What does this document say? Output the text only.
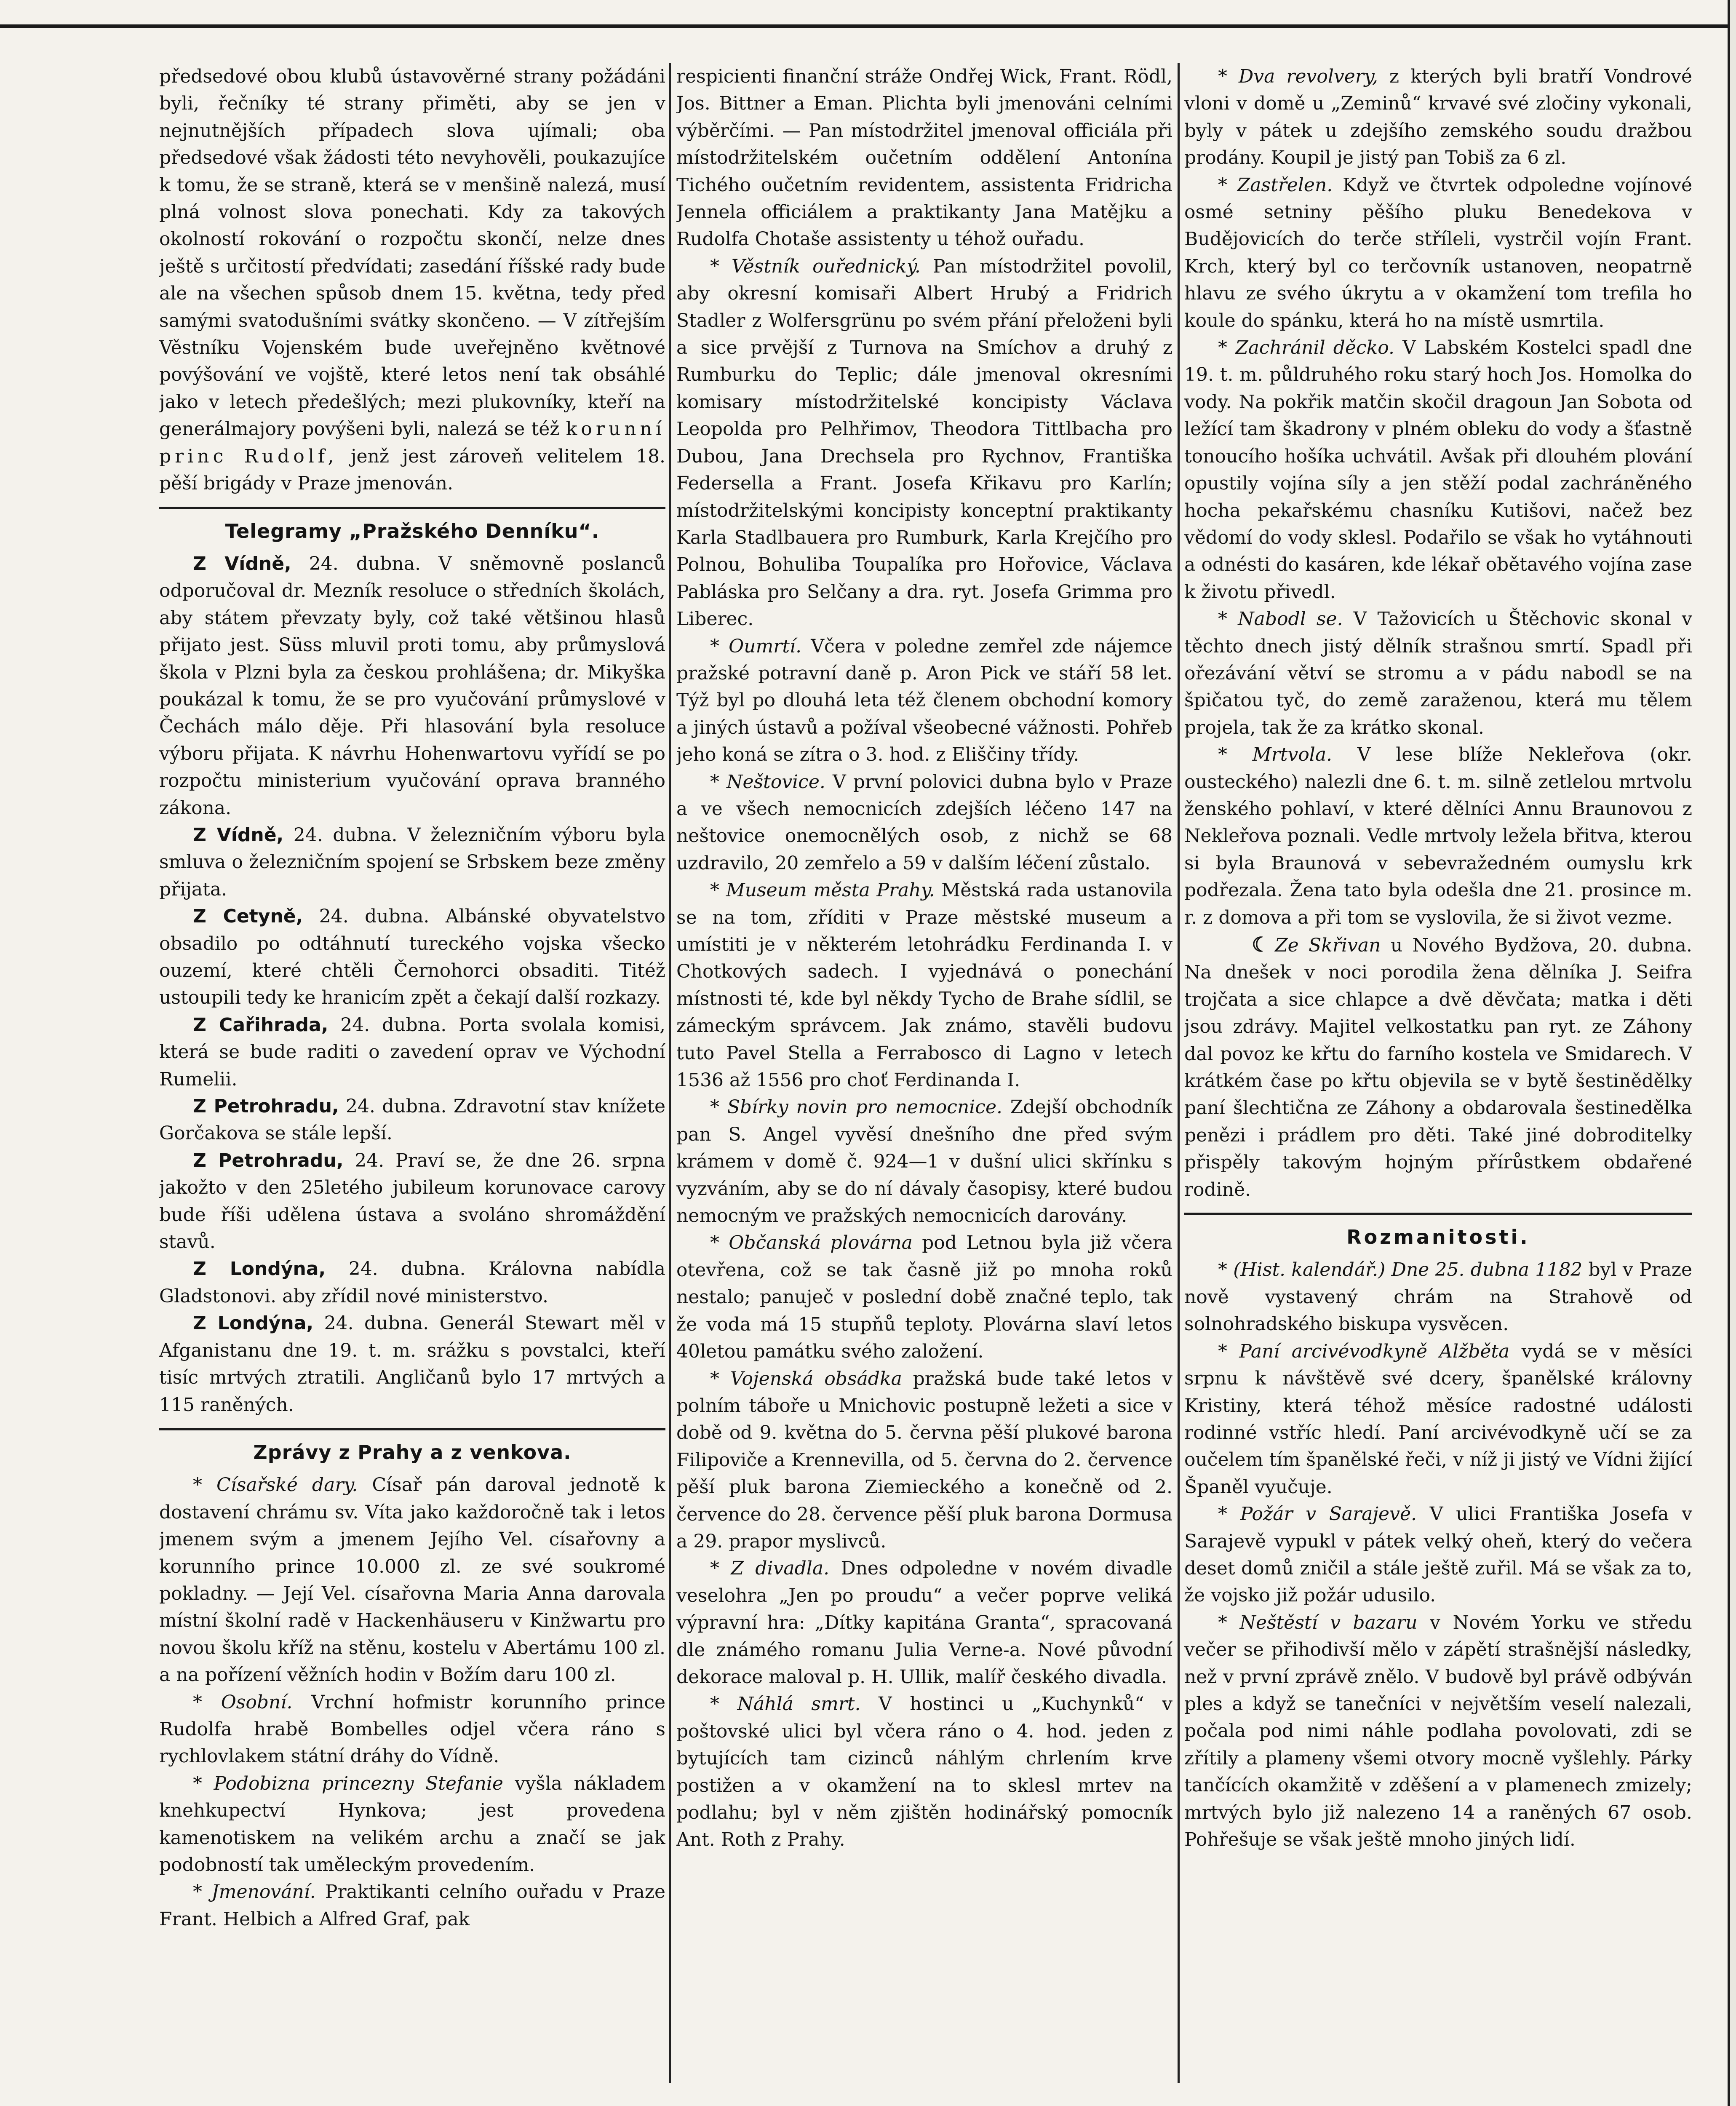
předsedové obou klubů ústavověrné strany požádáni byli, řečníky té strany přiměti, aby se jen v nejnutnějších případech slova ujímali; oba předsedové však žádosti této nevyhověli, poukazujíce k tomu, že se straně, která se v menšině nalezá, musí plná volnost slova ponechati. Kdy za takových okolností rokování o rozpočtu skončí, nelze dnes ještě s určitostí předvídati; zasedání říšské rady bude ale na všechen spůsob dnem 15. května, tedy před samými svatodušními svátky skončeno. — V zítřejším Věstníku Vojenském bude uveřejněno květnové povýšování ve vojště, které letos není tak obsáhlé jako v letech předešlých; mezi plukovníky, kteří na generálmajory povýšeni byli, nalezá se též korunní princ Rudolf, jenž jest zároveň velitelem 18. pěší brigády v Praze jmenován.

Telegramy „Pražského Denníku“.

Z Vídně, 24. dubna. V sněmovně poslanců odporučoval dr. Mezník resoluce o středních školách, aby státem převzaty byly, což také většinou hlasů přijato jest. Süss mluvil proti tomu, aby průmyslová škola v Plzni byla za českou prohlášena; dr. Mikyška poukázal k tomu, že se pro vyučování průmyslové v Čechách málo děje. Při hlasování byla resoluce výboru přijata. K návrhu Hohenwartovu vyřídí se po rozpočtu ministerium vyučování oprava branného zákona.

Z Vídně, 24. dubna. V železničním výboru byla smluva o železničním spojení se Srbskem beze změny přijata.

Z Cetyně, 24. dubna. Albánské obyvatelstvo obsadilo po odtáhnutí tureckého vojska všecko ouzemí, které chtěli Černohorci obsaditi. Titéž ustoupili tedy ke hranicím zpět a čekají další rozkazy.

Z Cařihrada, 24. dubna. Porta svolala komisi, která se bude raditi o zavedení oprav ve Východní Rumelii.

Z Petrohradu, 24. dubna. Zdravotní stav knížete Gorčakova se stále lepší.

Z Petrohradu, 24. Praví se, že dne 26. srpna jakožto v den 25letého jubileum korunovace carovy bude říši udělena ústava a svoláno shromáždění stavů.

Z Londýna, 24. dubna. Královna nabídla Gladstonovi. aby zřídil nové ministerstvo.

Z Londýna, 24. dubna. Generál Stewart měl v Afganistanu dne 19. t. m. srážku s povstalci, kteří tisíc mrtvých ztratili. Angličanů bylo 17 mrtvých a 115 raněných.

Zprávy z Prahy a z venkova.

* Císařské dary. Císař pán daroval jednotě k dostavení chrámu sv. Víta jako každoročně tak i letos jmenem svým a jmenem Jejího Vel. císařovny a korunního prince 10.000 zl. ze své soukromé pokladny. — Její Vel. císařovna Maria Anna darovala místní školní radě v Hackenhäuseru v Kinžwartu pro novou školu kříž na stěnu, kostelu v Abertámu 100 zl. a na pořízení věžních hodin v Božím daru 100 zl.

* Osobní. Vrchní hofmistr korunního prince Rudolfa hrabě Bombelles odjel včera ráno s rychlovlakem státní dráhy do Vídně.

* Podobizna princezny Stefanie vyšla nákladem knehkupectví Hynkova; jest provedena kamenotiskem na velikém archu a značí se jak podobností tak uměleckým provedením.

* Jmenování. Praktikanti celního ouřadu v Praze Frant. Helbich a Alfred Graf, pak

respicienti finanční stráže Ondřej Wick, Frant. Rödl, Jos. Bittner a Eman. Plichta byli jmenováni celními výběrčími. — Pan místodržitel jmenoval officiála při místodržitelském oučetním oddělení Antonína Tichého oučetním revidentem, assistenta Fridricha Jennela officiálem a praktikanty Jana Matějku a Rudolfa Chotaše assistenty u téhož ouřadu.

* Věstník ouřednický. Pan místodržitel povolil, aby okresní komisaři Albert Hrubý a Fridrich Stadler z Wolfersgrünu po svém přání přeloženi byli a sice prvější z Turnova na Smíchov a druhý z Rumburku do Teplic; dále jmenoval okresními komisary místodržitelské koncipisty Václava Leopolda pro Pelhřimov, Theodora Tittlbacha pro Dubou, Jana Drechsela pro Rychnov, Františka Federsella a Frant. Josefa Křikavu pro Karlín; místodržitelskými koncipisty konceptní praktikanty Karla Stadlbauera pro Rumburk, Karla Krejčího pro Polnou, Bohuliba Toupalíka pro Hořovice, Václava Pabláska pro Selčany a dra. ryt. Josefa Grimma pro Liberec.

* Oumrtí. Včera v poledne zemřel zde nájemce pražské potravní daně p. Aron Pick ve stáří 58 let. Týž byl po dlouhá leta též členem obchodní komory a jiných ústavů a požíval všeobecné vážnosti. Pohřeb jeho koná se zítra o 3. hod. z Eliščiny třídy.

* Neštovice. V první polovici dubna bylo v Praze a ve všech nemocnicích zdejších léčeno 147 na neštovice onemocnělých osob, z nichž se 68 uzdravilo, 20 zemřelo a 59 v dalším léčení zůstalo.

* Museum města Prahy. Městská rada ustanovila se na tom, zříditi v Praze městské museum a umístiti je v některém letohrádku Ferdinanda I. v Chotkových sadech. I vyjednává o ponechání místnosti té, kde byl někdy Tycho de Brahe sídlil, se zámeckým správcem. Jak známo, stavěli budovu tuto Pavel Stella a Ferrabosco di Lagno v letech 1536 až 1556 pro choť Ferdinanda I.

* Sbírky novin pro nemocnice. Zdejší obchodník pan S. Angel vyvěsí dnešního dne před svým krámem v domě č. 924—1 v dušní ulici skřínku s vyzváním, aby se do ní dávaly časopisy, které budou nemocným ve pražských nemocnicích darovány.

* Občanská plovárna pod Letnou byla již včera otevřena, což se tak časně již po mnoha roků nestalo; panuječ v poslední době značné teplo, tak že voda má 15 stupňů teploty. Plovárna slaví letos 40letou památku svého založení.

* Vojenská obsádka pražská bude také letos v polním táboře u Mnichovic postupně ležeti a sice v době od 9. května do 5. června pěší plukové barona Filipoviče a Krennevilla, od 5. června do 2. července pěší pluk barona Ziemieckého a konečně od 2. července do 28. července pěší pluk barona Dormusa a 29. prapor myslivců.

* Z divadla. Dnes odpoledne v novém divadle veselohra „Jen po proudu“ a večer poprve veliká výpravní hra: „Dítky kapitána Granta“, spracovaná dle známého romanu Julia Verne-a. Nové původní dekorace maloval p. H. Ullik, malíř českého divadla.

* Náhlá smrt. V hostinci u „Kuchynků“ v poštovské ulici byl včera ráno o 4. hod. jeden z bytujících tam cizinců náhlým chrlením krve postižen a v okamžení na to sklesl mrtev na podlahu; byl v něm zjištěn hodinářský pomocník Ant. Roth z Prahy.

* Dva revolvery, z kterých byli bratří Vondrové vloni v domě u „Zeminů“ krvavé své zločiny vykonali, byly v pátek u zdejšího zemského soudu dražbou prodány. Koupil je jistý pan Tobiš za 6 zl.

* Zastřelen. Když ve čtvrtek odpoledne vojínové osmé setniny pěšího pluku Benedekova v Budějovicích do terče stříleli, vystrčil vojín Frant. Krch, který byl co terčovník ustanoven, neopatrně hlavu ze svého úkrytu a v okamžení tom trefila ho koule do spánku, která ho na místě usmrtila.

* Zachránil děcko. V Labském Kostelci spadl dne 19. t. m. půldruhého roku starý hoch Jos. Homolka do vody. Na pokřik matčin skočil dragoun Jan Sobota od ležící tam škadrony v plném obleku do vody a šťastně tonoucího hošíka uchvátil. Avšak při dlouhém plování opustily vojína síly a jen stěží podal zachráněného hocha pekařskému chasníku Kutišovi, načež bez vědomí do vody sklesl. Podařilo se však ho vytáhnouti a odnésti do kasáren, kde lékař obětavého vojína zase k životu přivedl.

* Nabodl se. V Tažovicích u Štěchovic skonal v těchto dnech jistý dělník strašnou smrtí. Spadl při ořezávání větví se stromu a v pádu nabodl se na špičatou tyč, do země zaraženou, která mu tělem projela, tak že za krátko skonal.

* Mrtvola. V lese blíže Nekleřova (okr. ousteckého) nalezli dne 6. t. m. silně zetlelou mrtvolu ženského pohlaví, v které dělníci Annu Braunovou z Nekleřova poznali. Vedle mrtvoly ležela břitva, kterou si byla Braunová v sebevražedném oumyslu krk podřezala. Žena tato byla odešla dne 21. prosince m. r. z domova a při tom se vyslovila, že si život vezme.

☾ Ze Skřivan u Nového Bydžova, 20. dubna. Na dnešek v noci porodila žena dělníka J. Seifra trojčata a sice chlapce a dvě děvčata; matka i děti jsou zdrávy. Majitel velkostatku pan ryt. ze Záhony dal povoz ke křtu do farního kostela ve Smidarech. V krátkém čase po křtu objevila se v bytě šestinědělky paní šlechtična ze Záhony a obdarovala šestinedělka penězi i prádlem pro děti. Také jiné dobroditelky přispěly takovým hojným přírůstkem obdařené rodině.

Rozmanitosti.

* (Hist. kalendář.) Dne 25. dubna 1182 byl v Praze nově vystavený chrám na Strahově od solnohradského biskupa vysvěcen.

* Paní arcivévodkyně Alžběta vydá se v měsíci srpnu k návštěvě své dcery, španělské královny Kristiny, která téhož měsíce radostné události rodinné vstříc hledí. Paní arcivévodkyně učí se za oučelem tím španělské řeči, v níž ji jistý ve Vídni žijící Španěl vyučuje.

* Požár v Sarajevě. V ulici Františka Josefa v Sarajevě vypukl v pátek velký oheň, který do večera deset domů zničil a stále ještě zuřil. Má se však za to, že vojsko již požár udusilo.

* Neštěstí v bazaru v Novém Yorku ve středu večer se přihodivší mělo v zápětí strašnější následky, než v první zprávě znělo. V budově byl právě odbýván ples a když se tanečníci v největším veselí nalezali, počala pod nimi náhle podlaha povolovati, zdi se zřítily a plameny všemi otvory mocně vyšlehly. Párky tančících okamžitě v zděšení a v plamenech zmizely; mrtvých bylo již nalezeno 14 a raněných 67 osob. Pohřešuje se však ještě mnoho jiných lidí.
